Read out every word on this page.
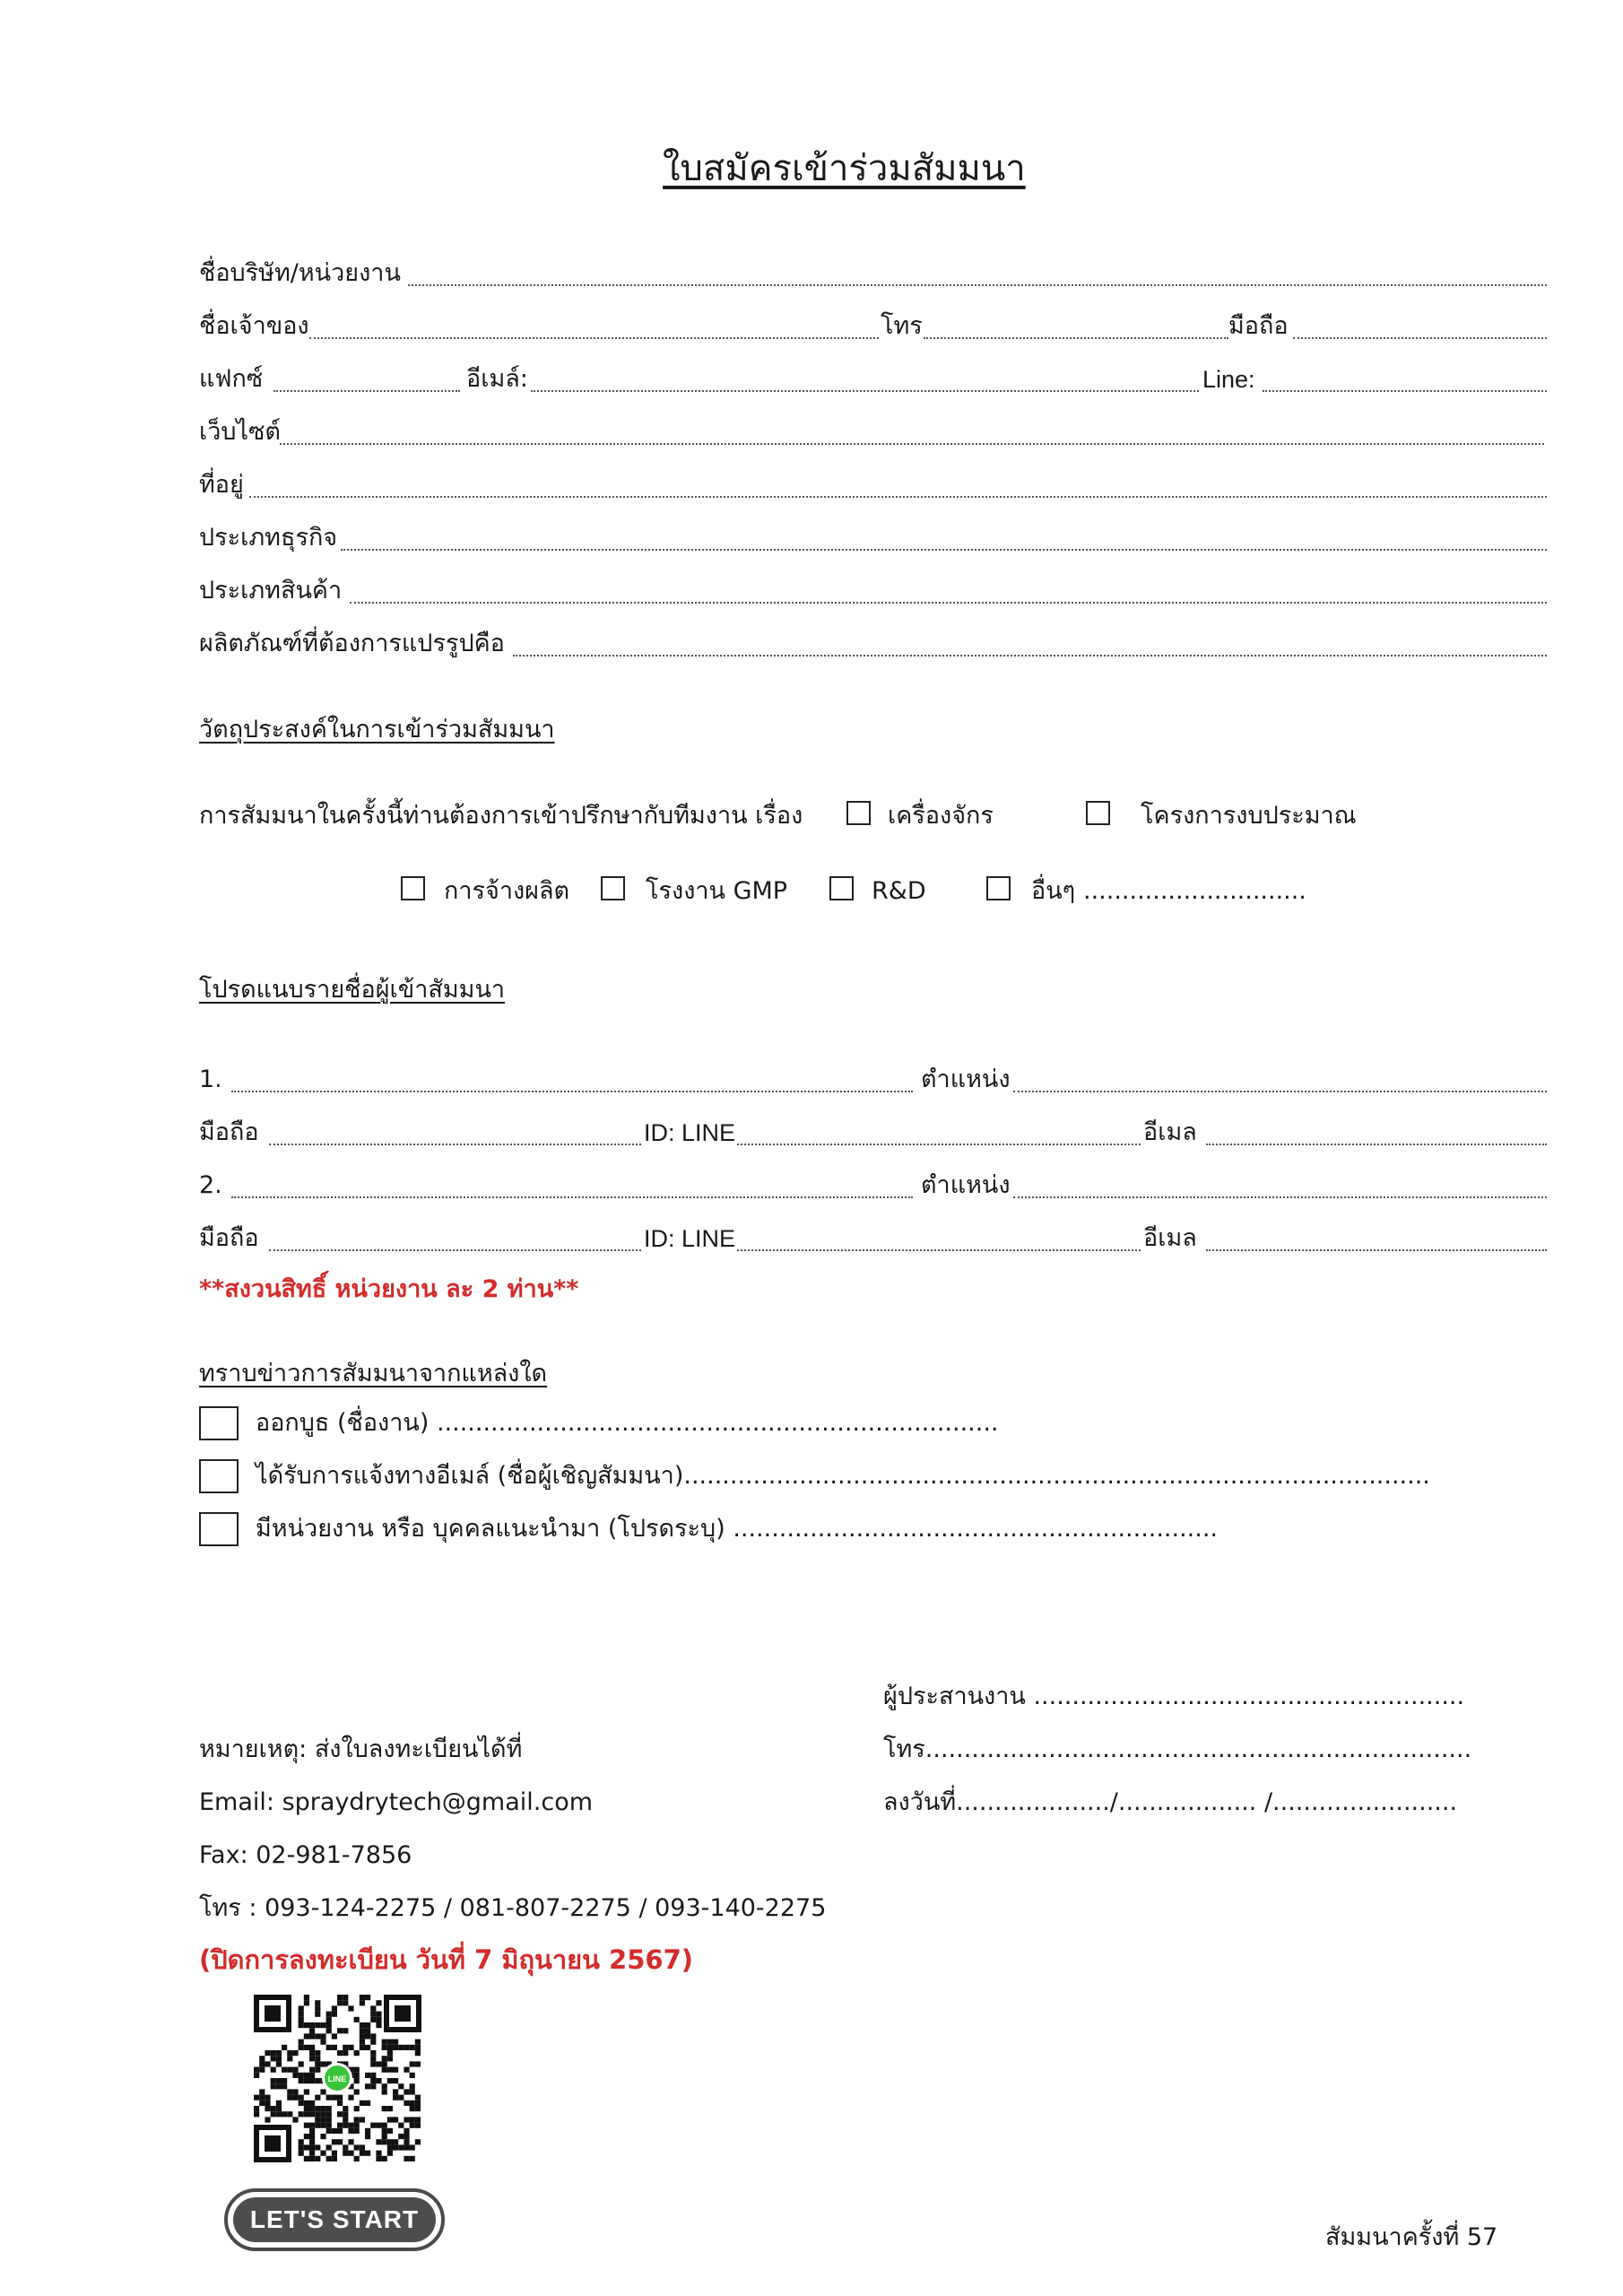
ใบสมัครเข้าร่วมสัมมนา
ชื่อบริษัท/หน่วยงาน
ชื่อเจ้าของ	โทร	มือถือ
แฟกซ์	อีเมล์:	Line:
เว็บไซต์
ที่อยู่
ประเภทธุรกิจ
ประเภทสินค้า
ผลิตภัณฑ์ที่ต้องการแปรรูปคือ
วัตถุประสงค์ในการเข้าร่วมสัมมนา
การสัมมนาในครั้งนี้ท่านต้องการเข้าปรึกษากับทีมงาน เรื่อง	เครื่องจักร	โครงการงบประมาณ
การจ้างผลิต	โรงงาน GMP	R&D	อื่นๆ .............................
โปรดแนบรายชื่อผู้เข้าสัมมนา
1.	ตำแหน่ง
มือถือ	ID: LINE	อีเมล
2.	ตำแหน่ง
มือถือ	ID: LINE	อีเมล
**สงวนสิทธิ์ หน่วยงาน ละ 2 ท่าน**
ทราบข่าวการสัมมนาจากแหล่งใด
ออกบูธ (ชื่องาน) .........................................................................
ได้รับการแจ้งทางอีเมล์ (ชื่อผู้เชิญสัมมนา).................................................................................................
มีหน่วยงาน หรือ บุคคลแนะนำมา (โปรดระบุ) ...............................................................
ผู้ประสานงาน ........................................................
โทร.......................................................................
ลงวันที่..................../.................. /........................
หมายเหตุ: ส่งใบลงทะเบียนได้ที่
Email: spraydrytech@gmail.com
Fax: 02-981-7856
โทร : 093-124-2275 / 081-807-2275 / 093-140-2275
(ปิดการลงทะเบียน วันที่ 7 มิถุนายน 2567)
LINE
LET'S START
สัมมนาครั้งที่ 57
